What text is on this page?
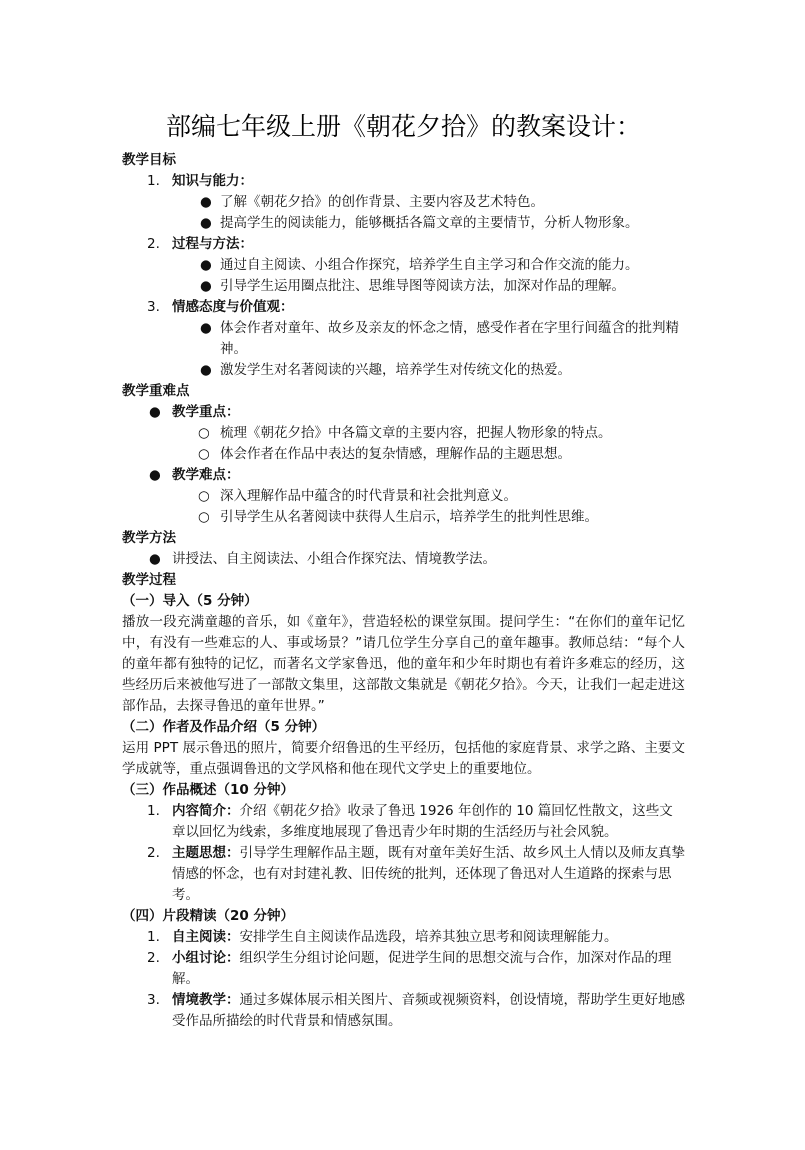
部编七年级上册《朝花夕拾》的教案设计：

教学目标

1. 知识与能力：
● 了解《朝花夕拾》的创作背景、主要内容及艺术特色。
● 提高学生的阅读能力，能够概括各篇文章的主要情节，分析人物形象。
2. 过程与方法：
● 通过自主阅读、小组合作探究，培养学生自主学习和合作交流的能力。
● 引导学生运用圈点批注、思维导图等阅读方法，加深对作品的理解。
3. 情感态度与价值观：
● 体会作者对童年、故乡及亲友的怀念之情，感受作者在字里行间蕴含的批判精神。
● 激发学生对名著阅读的兴趣，培养学生对传统文化的热爱。

教学重难点

● 教学重点：
○ 梳理《朝花夕拾》中各篇文章的主要内容，把握人物形象的特点。
○ 体会作者在作品中表达的复杂情感，理解作品的主题思想。
● 教学难点：
○ 深入理解作品中蕴含的时代背景和社会批判意义。
○ 引导学生从名著阅读中获得人生启示，培养学生的批判性思维。

教学方法

● 讲授法、自主阅读法、小组合作探究法、情境教学法。

教学过程

（一）导入（5 分钟）

播放一段充满童趣的音乐，如《童年》，营造轻松的课堂氛围。提问学生：“在你们的童年记忆中，有没有一些难忘的人、事或场景？”请几位学生分享自己的童年趣事。教师总结：“每个人的童年都有独特的记忆，而著名文学家鲁迅，他的童年和少年时期也有着许多难忘的经历，这些经历后来被他写进了一部散文集里，这部散文集就是《朝花夕拾》。今天，让我们一起走进这部作品，去探寻鲁迅的童年世界。”

（二）作者及作品介绍（5 分钟）

运用 PPT 展示鲁迅的照片，简要介绍鲁迅的生平经历，包括他的家庭背景、求学之路、主要文学成就等，重点强调鲁迅的文学风格和他在现代文学史上的重要地位。

（三）作品概述（10 分钟）

1. 内容简介：介绍《朝花夕拾》收录了鲁迅 1926 年创作的 10 篇回忆性散文，这些文章以回忆为线索，多维度地展现了鲁迅青少年时期的生活经历与社会风貌。
2. 主题思想：引导学生理解作品主题，既有对童年美好生活、故乡风土人情以及师友真挚情感的怀念，也有对封建礼教、旧传统的批判，还体现了鲁迅对人生道路的探索与思考。

（四）片段精读（20 分钟）

1. 自主阅读：安排学生自主阅读作品选段，培养其独立思考和阅读理解能力。
2. 小组讨论：组织学生分组讨论问题，促进学生间的思想交流与合作，加深对作品的理解。
3. 情境教学：通过多媒体展示相关图片、音频或视频资料，创设情境，帮助学生更好地感受作品所描绘的时代背景和情感氛围。
